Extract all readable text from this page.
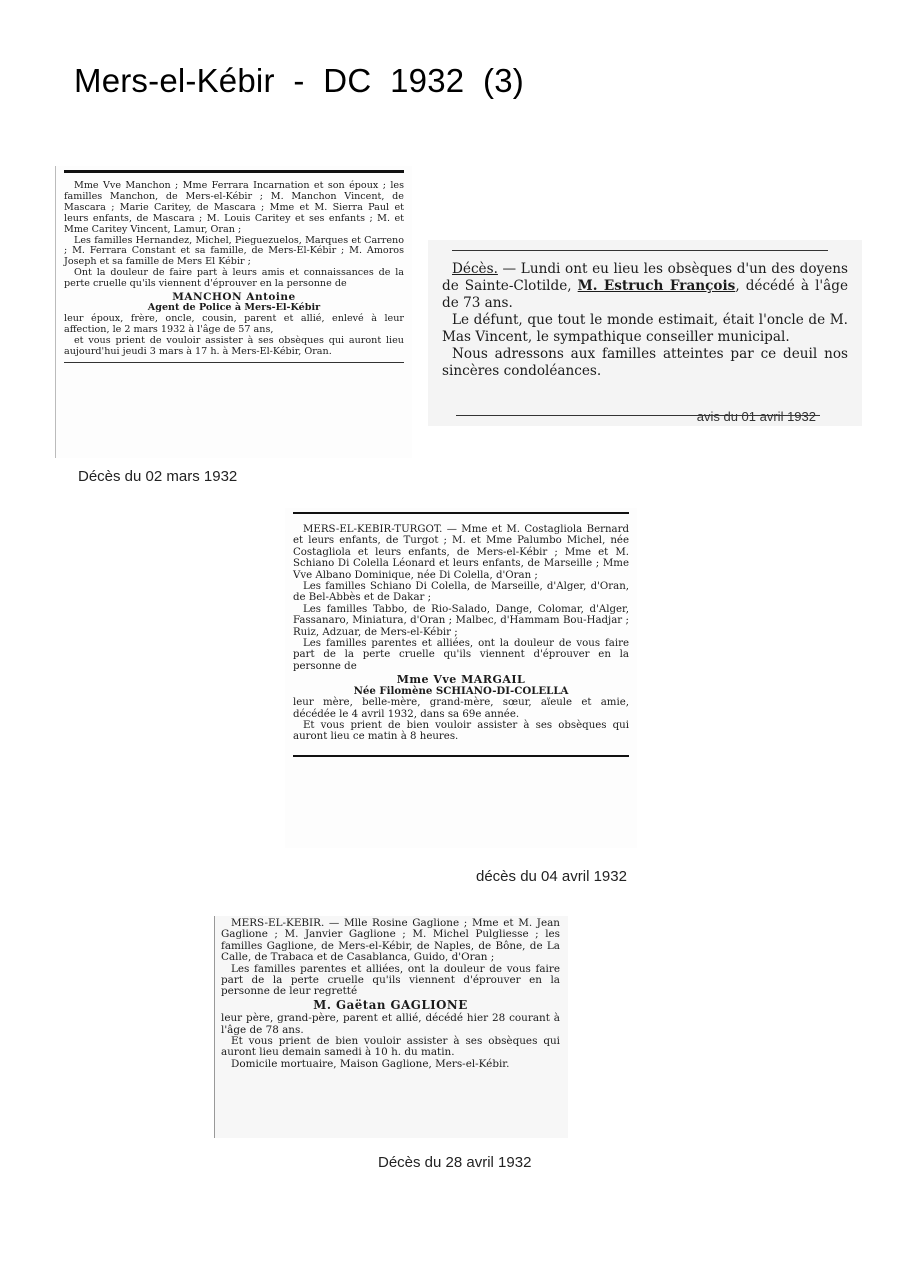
Mers-el-Kébir  -  DC  1932  (3)

Mme Vve Manchon ; Mme Ferrara Incarnation et son époux ; les familles Manchon, de Mers-el-Kébir ; M. Manchon Vincent, de Mascara ; Marie Caritey, de Mascara ; Mme et M. Sierra Paul et leurs enfants, de Mascara ; M. Louis Caritey et ses enfants ; M. et Mme Caritey Vincent, Lamur, Oran ;

Les familles Hernandez, Michel, Pieguezuelos, Marques et Carreno ; M. Ferrara Constant et sa famille, de Mers-El-Kébir ; M. Amoros Joseph et sa famille de Mers El Kébir ;

Ont la douleur de faire part à leurs amis et connaissances de la perte cruelle qu'ils viennent d'éprouver en la personne de

MANCHON Antoine

Agent de Police à Mers-El-Kébir

leur époux, frère, oncle, cousin, parent et allié, enlevé à leur affection, le 2 mars 1932 à l'âge de 57 ans,

et vous prient de vouloir assister à ses obsèques qui auront lieu aujourd'hui jeudi 3 mars à 17 h. à Mers-El-Kébir, Oran.

Décès du 02 mars 1932

Décès. — Lundi ont eu lieu les obsèques d'un des doyens de Sainte-Clotilde, M. Estruch François, décédé à l'âge de 73 ans.

Le défunt, que tout le monde estimait, était l'oncle de M. Mas Vincent, le sympathique conseiller municipal.

Nous adressons aux familles atteintes par ce deuil nos sincères condoléances.

avis du 01 avril 1932

MERS-EL-KEBIR-TURGOT. — Mme et M. Costagliola Bernard et leurs enfants, de Turgot ; M. et Mme Palumbo Michel, née Costagliola et leurs enfants, de Mers-el-Kébir ; Mme et M. Schiano Di Colella Léonard et leurs enfants, de Marseille ; Mme Vve Albano Dominique, née Di Colella, d'Oran ;

Les familles Schiano Di Colella, de Marseille, d'Alger, d'Oran, de Bel-Abbès et de Dakar ;

Les familles Tabbo, de Rio-Salado, Dange, Colomar, d'Alger, Fassanaro, Miniatura, d'Oran ; Malbec, d'Hammam Bou-Hadjar ; Ruiz, Adzuar, de Mers-el-Kébir ;

Les familles parentes et alliées, ont la douleur de vous faire part de la perte cruelle qu'ils viennent d'éprouver en la personne de

Mme Vve MARGAIL

Née Filomène SCHIANO-DI-COLELLA

leur mère, belle-mère, grand-mère, sœur, aïeule et amie, décédée le 4 avril 1932, dans sa 69e année.

Et vous prient de bien vouloir assister à ses obsèques qui auront lieu ce matin à 8 heures.

décès du 04 avril 1932

MERS-EL-KEBIR. — Mlle Rosine Gaglione ; Mme et M. Jean Gaglione ; M. Janvier Gaglione ; M. Michel Pulgliesse ; les familles Gaglione, de Mers-el-Kébir, de Naples, de Bône, de La Calle, de Trabaca et de Casablanca, Guido, d'Oran ;

Les familles parentes et alliées, ont la douleur de vous faire part de la perte cruelle qu'ils viennent d'éprouver en la personne de leur regretté

M. Gaëtan GAGLIONE

leur père, grand-père, parent et allié, décédé hier 28 courant à l'âge de 78 ans.

Et vous prient de bien vouloir assister à ses obsèques qui auront lieu demain samedi à 10 h. du matin.

Domicile mortuaire, Maison Gaglione, Mers-el-Kébir.

Décès du 28 avril 1932
